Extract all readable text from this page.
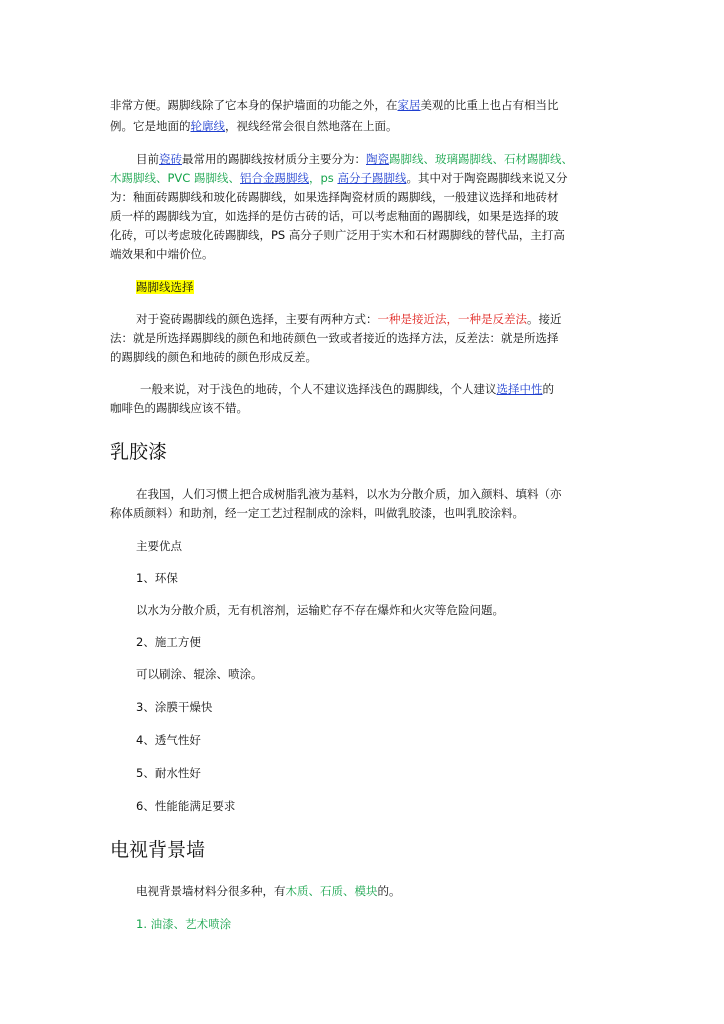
非常方便。踢脚线除了它本身的保护墙面的功能之外，在家居美观的比重上也占有相当比

例。它是地面的轮廓线，视线经常会很自然地落在上面。

目前瓷砖最常用的踢脚线按材质分主要分为：陶瓷踢脚线、玻璃踢脚线、石材踢脚线、

木踢脚线、PVC 踢脚线、铝合金踢脚线，ps 高分子踢脚线。其中对于陶瓷踢脚线来说又分

为：釉面砖踢脚线和玻化砖踢脚线，如果选择陶瓷材质的踢脚线，一般建议选择和地砖材

质一样的踢脚线为宜，如选择的是仿古砖的话，可以考虑釉面的踢脚线，如果是选择的玻

化砖，可以考虑玻化砖踢脚线，PS 高分子则广泛用于实木和石材踢脚线的替代品，主打高

端效果和中端价位。

踢脚线选择

对于瓷砖踢脚线的颜色选择，主要有两种方式：一种是接近法，一种是反差法。接近

法：就是所选择踢脚线的颜色和地砖颜色一致或者接近的选择方法，反差法：就是所选择

的踢脚线的颜色和地砖的颜色形成反差。

一般来说，对于浅色的地砖，个人不建议选择浅色的踢脚线，个人建议选择中性的

咖啡色的踢脚线应该不错。

乳胶漆

在我国，人们习惯上把合成树脂乳液为基料，以水为分散介质，加入颜料、填料（亦

称体质颜料）和助剂，经一定工艺过程制成的涂料，叫做乳胶漆，也叫乳胶涂料。

主要优点

1、环保

以水为分散介质，无有机溶剂，运输贮存不存在爆炸和火灾等危险问题。

2、施工方便

可以刷涂、辊涂、喷涂。

3、涂膜干燥快

4、透气性好

5、耐水性好

6、性能能满足要求

电视背景墙

电视背景墙材料分很多种，有木质、石质、模块的。

1. 油漆、艺术喷涂
